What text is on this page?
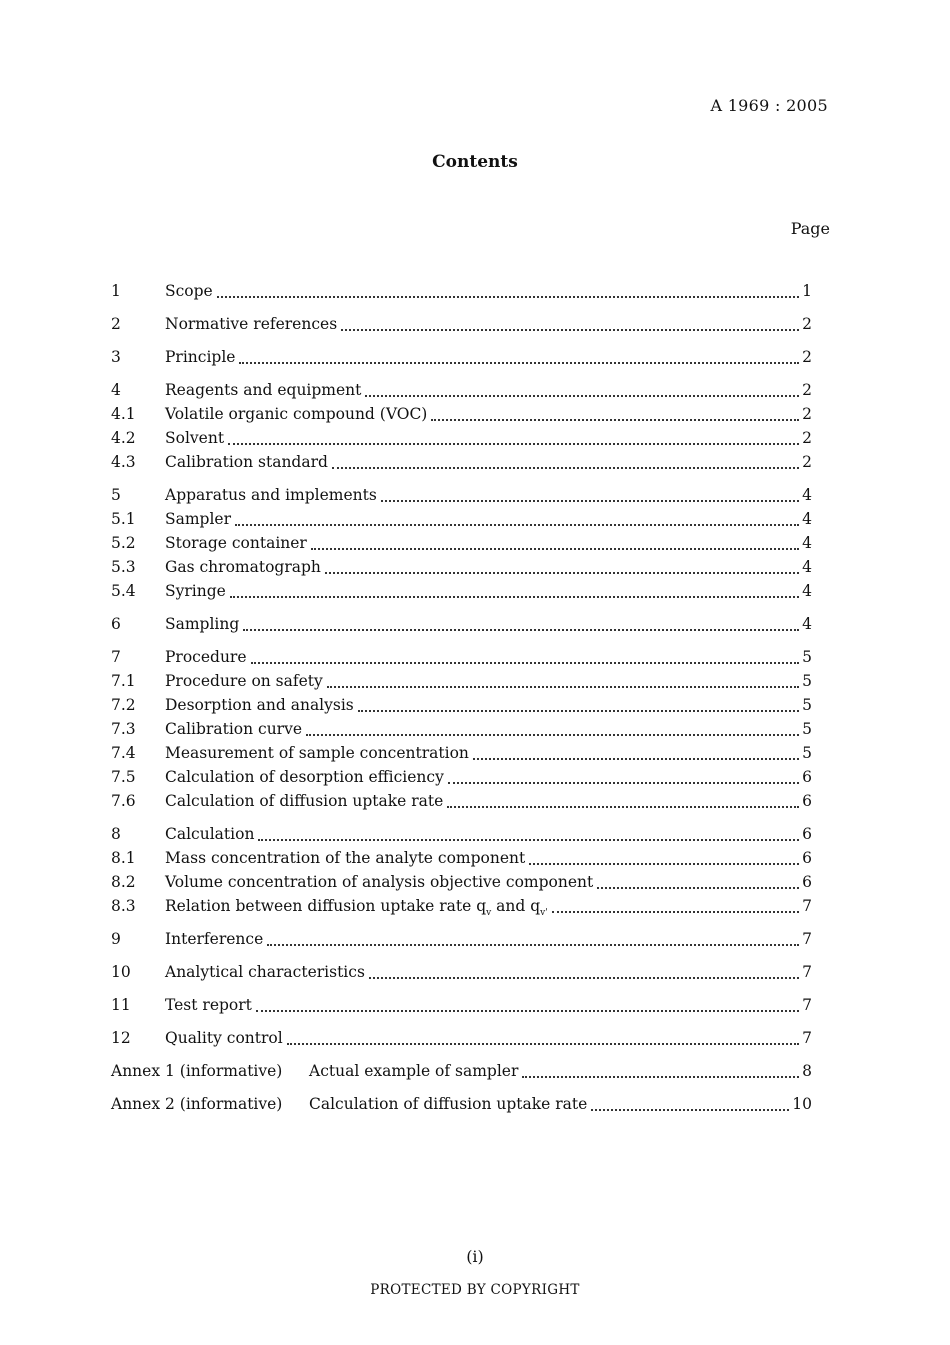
A 1969 : 2005
Contents
Page
1	Scope	1
2	Normative references	2
3	Principle	2
4	Reagents and equipment	2
4.1	Volatile organic compound (VOC)	2
4.2	Solvent	2
4.3	Calibration standard	2
5	Apparatus and implements	4
5.1	Sampler	4
5.2	Storage container	4
5.3	Gas chromatograph	4
5.4	Syringe	4
6	Sampling	4
7	Procedure	5
7.1	Procedure on safety	5
7.2	Desorption and analysis	5
7.3	Calibration curve	5
7.4	Measurement of sample concentration	5
7.5	Calculation of desorption efficiency	6
7.6	Calculation of diffusion uptake rate	6
8	Calculation	6
8.1	Mass concentration of the analyte component	6
8.2	Volume concentration of analysis objective component	6
8.3	Relation between diffusion uptake rate $q_v$ and $q_{v'}$	7
9	Interference	7
10	Analytical characteristics	7
11	Test report	7
12	Quality control	7
Annex 1 (informative)	Actual example of sampler	8
Annex 2 (informative)	Calculation of diffusion uptake rate	10
(i)
PROTECTED BY COPYRIGHT
